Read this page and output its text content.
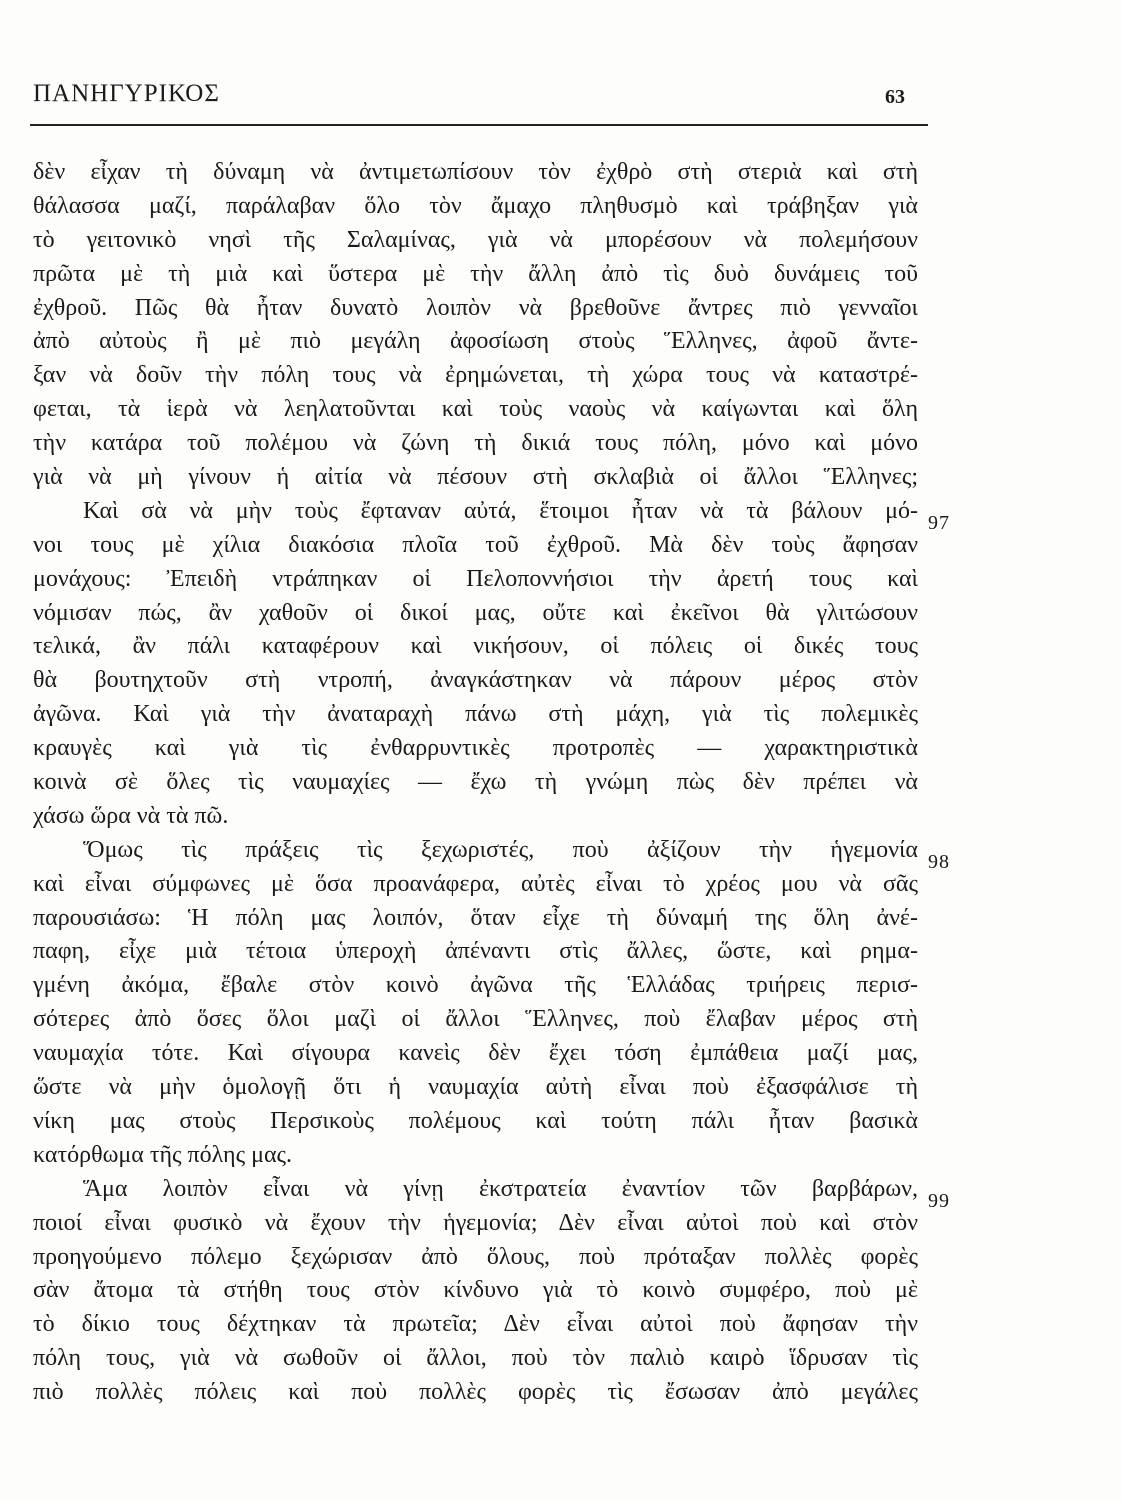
ΠΑΝΗΓΥΡΙΚΟΣ	63
δὲν εἶχαν τὴ δύναμη νὰ ἀντιμετωπίσουν τὸν ἐχθρὸ στὴ στεριὰ καὶ στὴ
θάλασσα μαζί, παράλαβαν ὅλο τὸν ἄμαχο πληθυσμὸ καὶ τράβηξαν γιὰ
τὸ γειτονικὸ νησὶ τῆς Σαλαμίνας, γιὰ νὰ μπορέσουν νὰ πολεμήσουν
πρῶτα μὲ τὴ μιὰ καὶ ὕστερα μὲ τὴν ἄλλη ἀπὸ τὶς δυὸ δυνάμεις τοῦ
ἐχθροῦ. Πῶς θὰ ἦταν δυνατὸ λοιπὸν νὰ βρεθοῦνε ἄντρες πιὸ γενναῖοι
ἀπὸ αὐτοὺς ἢ μὲ πιὸ μεγάλη ἀφοσίωση στοὺς Ἕλληνες, ἀφοῦ ἄντε-
ξαν νὰ δοῦν τὴν πόλη τους νὰ ἐρημώνεται, τὴ χώρα τους νὰ καταστρέ-
φεται, τὰ ἱερὰ νὰ λεηλατοῦνται καὶ τοὺς ναοὺς νὰ καίγωνται καὶ ὅλη
τὴν κατάρα τοῦ πολέμου νὰ ζώνη τὴ δικιά τους πόλη, μόνο καὶ μόνο
γιὰ νὰ μὴ γίνουν ἡ αἰτία νὰ πέσουν στὴ σκλαβιὰ οἱ ἄλλοι Ἕλληνες;
Καὶ σὰ νὰ μὴν τοὺς ἔφταναν αὐτά, ἕτοιμοι ἦταν νὰ τὰ βάλουν μό-
νοι τους μὲ χίλια διακόσια πλοῖα τοῦ ἐχθροῦ. Μὰ δὲν τοὺς ἄφησαν
μονάχους: Ἐπειδὴ ντράπηκαν οἱ Πελοποννήσιοι τὴν ἀρετή τους καὶ
νόμισαν πώς, ἂν χαθοῦν οἱ δικοί μας, οὔτε καὶ ἐκεῖνοι θὰ γλιτώσουν
τελικά, ἂν πάλι καταφέρουν καὶ νικήσουν, οἱ πόλεις οἱ δικές τους
θὰ βουτηχτοῦν στὴ ντροπή, ἀναγκάστηκαν νὰ πάρουν μέρος στὸν
ἀγῶνα. Καὶ γιὰ τὴν ἀναταραχὴ πάνω στὴ μάχη, γιὰ τὶς πολεμικὲς
κραυγὲς καὶ γιὰ τὶς ἐνθαρρυντικὲς προτροπὲς — χαρακτηριστικὰ
κοινὰ σὲ ὅλες τὶς ναυμαχίες — ἔχω τὴ γνώμη πὼς δὲν πρέπει νὰ
χάσω ὥρα νὰ τὰ πῶ.
Ὅμως τὶς πράξεις τὶς ξεχωριστές, ποὺ ἀξίζουν τὴν ἡγεμονία
καὶ εἶναι σύμφωνες μὲ ὅσα προανάφερα, αὐτὲς εἶναι τὸ χρέος μου νὰ σᾶς
παρουσιάσω: Ἡ πόλη μας λοιπόν, ὅταν εἶχε τὴ δύναμή της ὅλη ἀνέ-
παφη, εἶχε μιὰ τέτοια ὑπεροχὴ ἀπέναντι στὶς ἄλλες, ὥστε, καὶ ρημα-
γμένη ἀκόμα, ἔβαλε στὸν κοινὸ ἀγῶνα τῆς Ἑλλάδας τριήρεις περισ-
σότερες ἀπὸ ὅσες ὅλοι μαζὶ οἱ ἄλλοι Ἕλληνες, ποὺ ἔλαβαν μέρος στὴ
ναυμαχία τότε. Καὶ σίγουρα κανεὶς δὲν ἔχει τόση ἐμπάθεια μαζί μας,
ὥστε νὰ μὴν ὁμολογῇ ὅτι ἡ ναυμαχία αὐτὴ εἶναι ποὺ ἐξασφάλισε τὴ
νίκη μας στοὺς Περσικοὺς πολέμους καὶ τούτη πάλι ἦταν βασικὰ
κατόρθωμα τῆς πόλης μας.
Ἅμα λοιπὸν εἶναι νὰ γίνῃ ἐκστρατεία ἐναντίον τῶν βαρβάρων,
ποιοί εἶναι φυσικὸ νὰ ἔχουν τὴν ἡγεμονία; Δὲν εἶναι αὐτοὶ ποὺ καὶ στὸν
προηγούμενο πόλεμο ξεχώρισαν ἀπὸ ὅλους, ποὺ πρόταξαν πολλὲς φορὲς
σὰν ἄτομα τὰ στήθη τους στὸν κίνδυνο γιὰ τὸ κοινὸ συμφέρο, ποὺ μὲ
τὸ δίκιο τους δέχτηκαν τὰ πρωτεῖα; Δὲν εἶναι αὐτοὶ ποὺ ἄφησαν τὴν
πόλη τους, γιὰ νὰ σωθοῦν οἱ ἄλλοι, ποὺ τὸν παλιὸ καιρὸ ἵδρυσαν τὶς
πιὸ πολλὲς πόλεις καὶ ποὺ πολλὲς φορὲς τὶς ἔσωσαν ἀπὸ μεγάλες
97
98
99
